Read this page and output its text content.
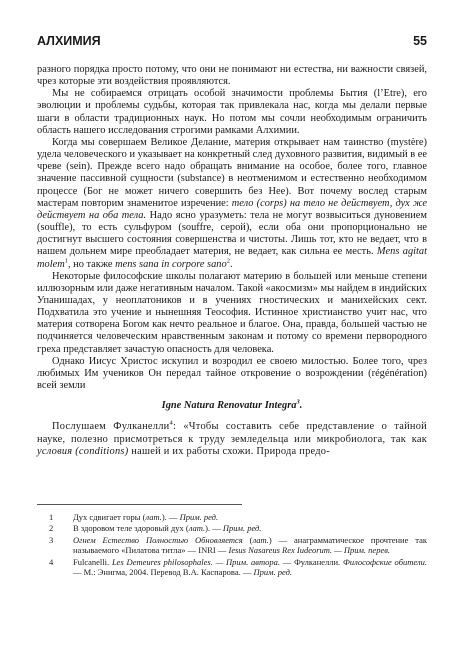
АЛХИМИЯ	55

разного порядка просто потому, что они не понимают ни естества, ни важности связей, чрез которые эти воздействия проявляются.

Мы не собираемся отрицать особой значимости проблемы Бытия (l’Etre), его эволюции и проблемы судьбы, которая так привлекала нас, когда мы делали первые шаги в области традиционных наук. Но потом мы сочли необходимым ограничить область нашего исследования строгими рамками Алхимии.

Когда мы совершаем Великое Делание, материя открывает нам таинство (mystère) удела человеческого и указывает на конкретный след духовного развития, видимый в ее чреве (sein). Прежде всего надо обращать внимание на особое, более того, главное значение пассивной сущности (substance) в неотменимом и естественно необходимом процессе (Бог не может ничего совершить без Нее). Вот почему вослед старым мастерам повторим знаменитое изречение: тело (corps) на тело не действует, дух же действует на оба тела. Надо ясно уразуметь: тела не могут возвыситься дуновением (souffle), то есть сульфуром (souffre, серой), если оба они пропорционально не достигнут высшего состояния совершенства и чистоты. Лишь тот, кто не ведает, что в нашем дольнем мире преобладает материя, не ведает, как сильна ее месть. Mens agitat molem$^1$, но также mens sana in corpore sano$^2$.

Некоторые философские школы полагают материю в большей или меньше степени иллюзорным или даже негативным началом. Такой «акосмизм» мы найдем в индийских Упанишадах, у неоплатоников и в учениях гностических и манихейских сект. Подхватила это учение и нынешняя Теософия. Истинное христианство учит нас, что материя сотворена Богом как нечто реальное и благое. Она, правда, большей частью не подчиняется человеческим нравственным законам и потому со времени первородного греха представляет зачастую опасность для человека.

Однако Иисус Христос искупил и возродил ее своею милостью. Более того, чрез любимых Им учеников Он передал тайное откровение о возрождении (régénération) всей земли

Igne Natura Renovatur Integra$^3$.

Послушаем Фулканелли$^4$: «Чтобы составить себе представление о тайной науке, полезно присмотреться к труду земледельца или микробиолога, так как условия (conditions) нашей и их работы схожи. Природа предо-

1	Дух сдвигает горы (лат.). — Прим. ред.
2	В здоровом теле здоровый дух (лат.). — Прим. ред.
3	Огнем Естество Полностью Обновляется (лат.) — анаграмматическое прочтение так называемого «Пилатова титла» — INRI — Iesus Nasareus Rex Iudeorum. — Прим. перев.
4	Fulcanelli. Les Demeures philosophales. — Прим. автора. — Фулканелли. Философские обители. — М.: Энигма, 2004. Перевод В.А. Каспарова. — Прим. ред.
